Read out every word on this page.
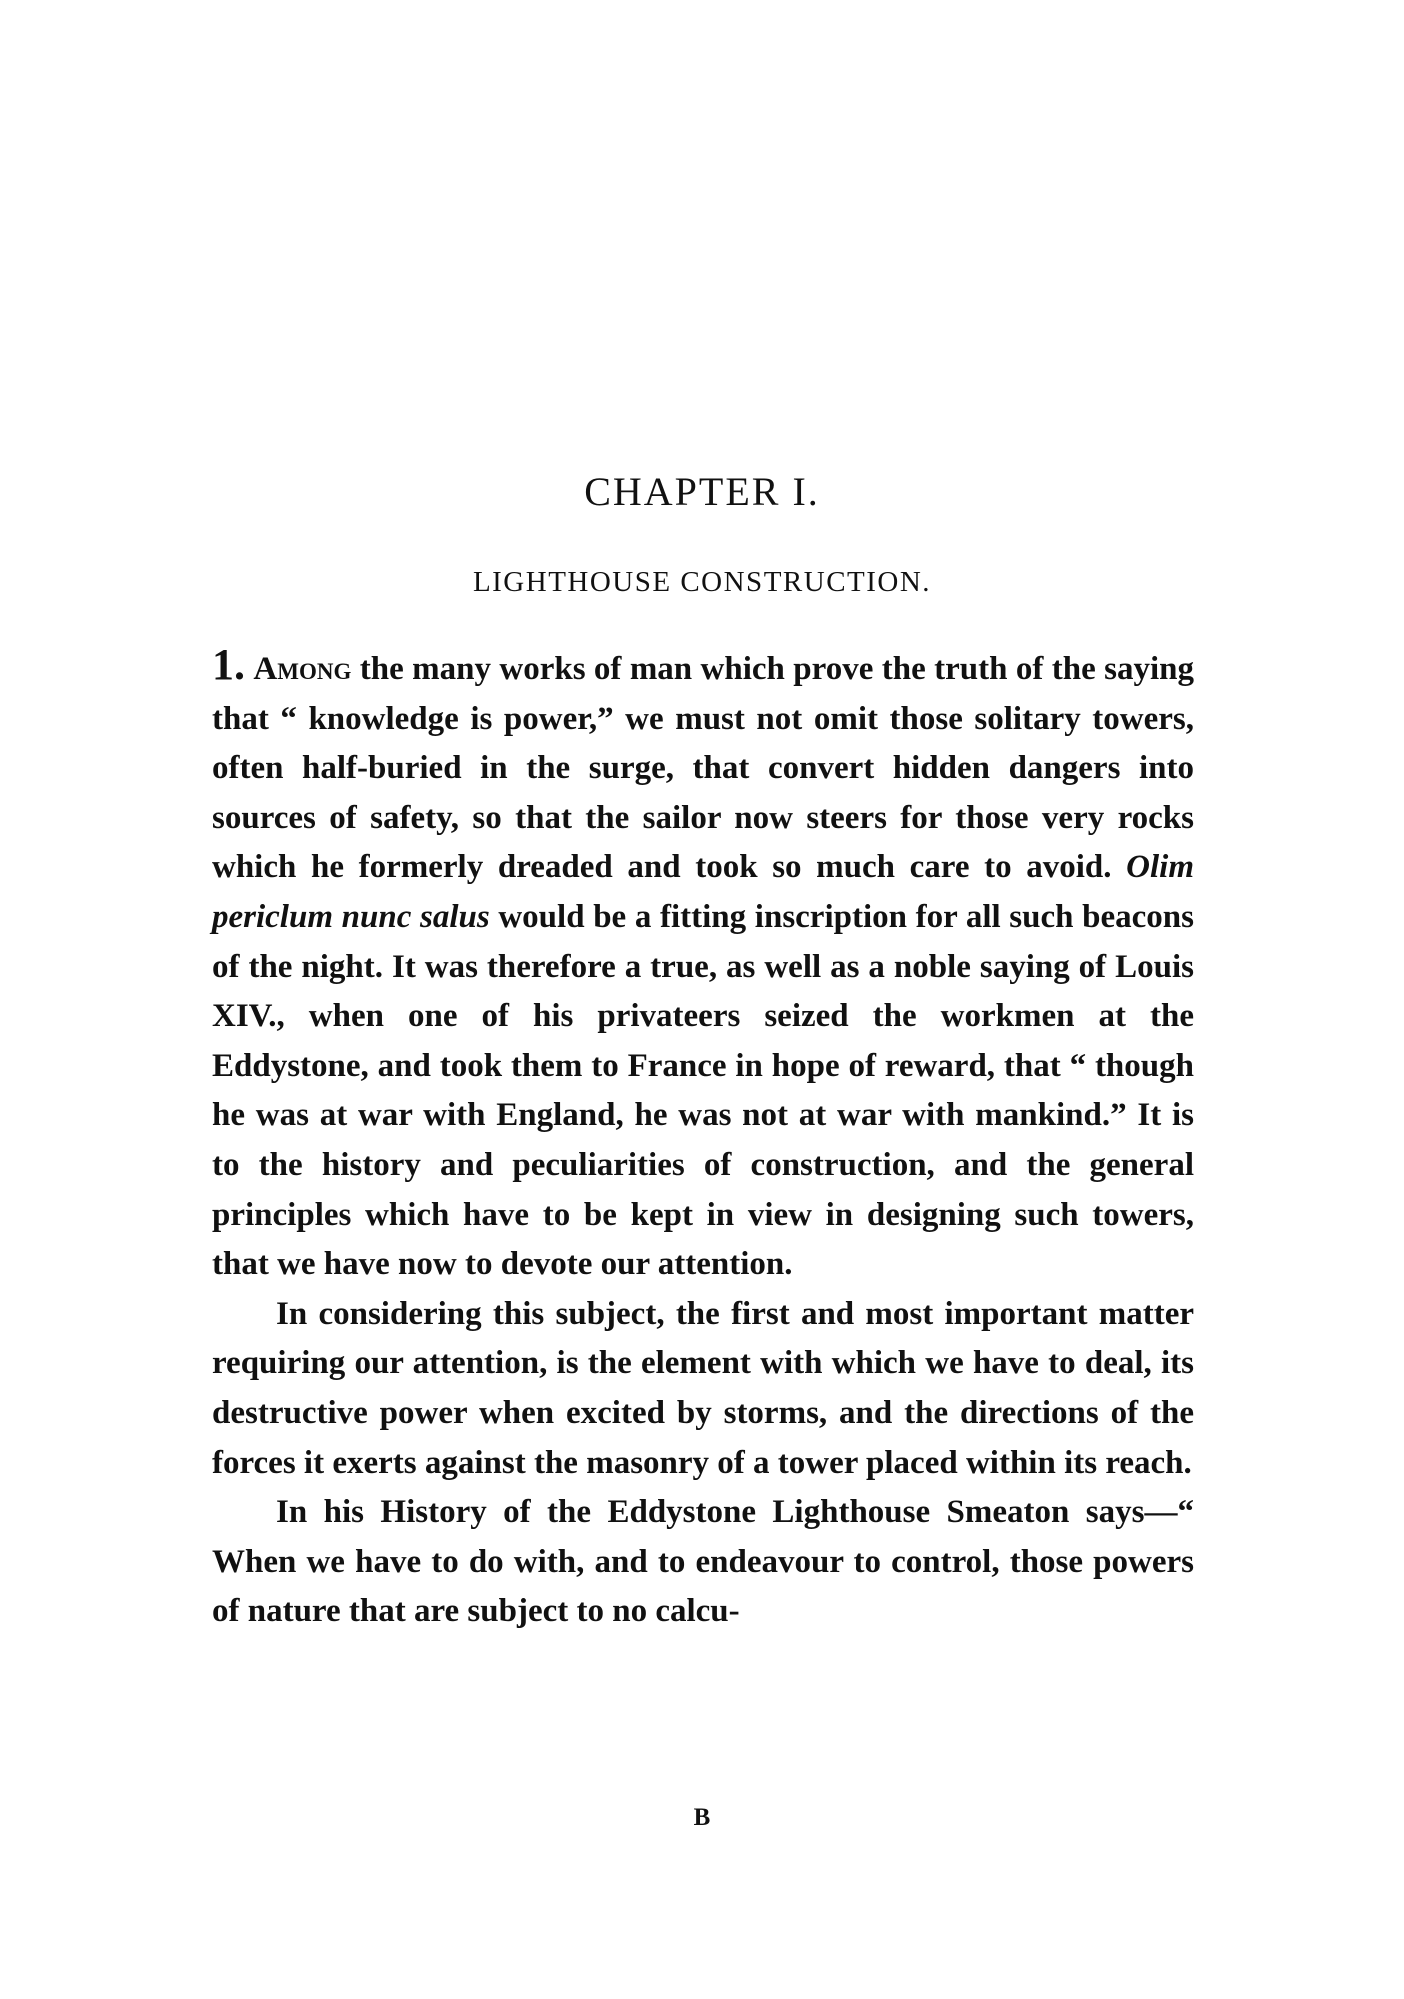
CHAPTER I.
LIGHTHOUSE CONSTRUCTION.

1. Among the many works of man which prove the truth of the saying that “ knowledge is power,” we must not omit those solitary towers, often half-buried in the surge, that convert hidden dangers into sources of safety, so that the sailor now steers for those very rocks which he formerly dreaded and took so much care to avoid. Olim periclum nunc salus would be a fitting inscription for all such beacons of the night. It was therefore a true, as well as a noble saying of Louis XIV., when one of his privateers seized the workmen at the Eddystone, and took them to France in hope of reward, that “ though he was at war with England, he was not at war with mankind.” It is to the history and peculiarities of construction, and the general principles which have to be kept in view in designing such towers, that we have now to devote our attention.

In considering this subject, the first and most important matter requiring our attention, is the element with which we have to deal, its destructive power when excited by storms, and the directions of the forces it exerts against the masonry of a tower placed within its reach.

In his History of the Eddystone Lighthouse Smeaton says—“ When we have to do with, and to endeavour to control, those powers of nature that are subject to no calcu-

B
